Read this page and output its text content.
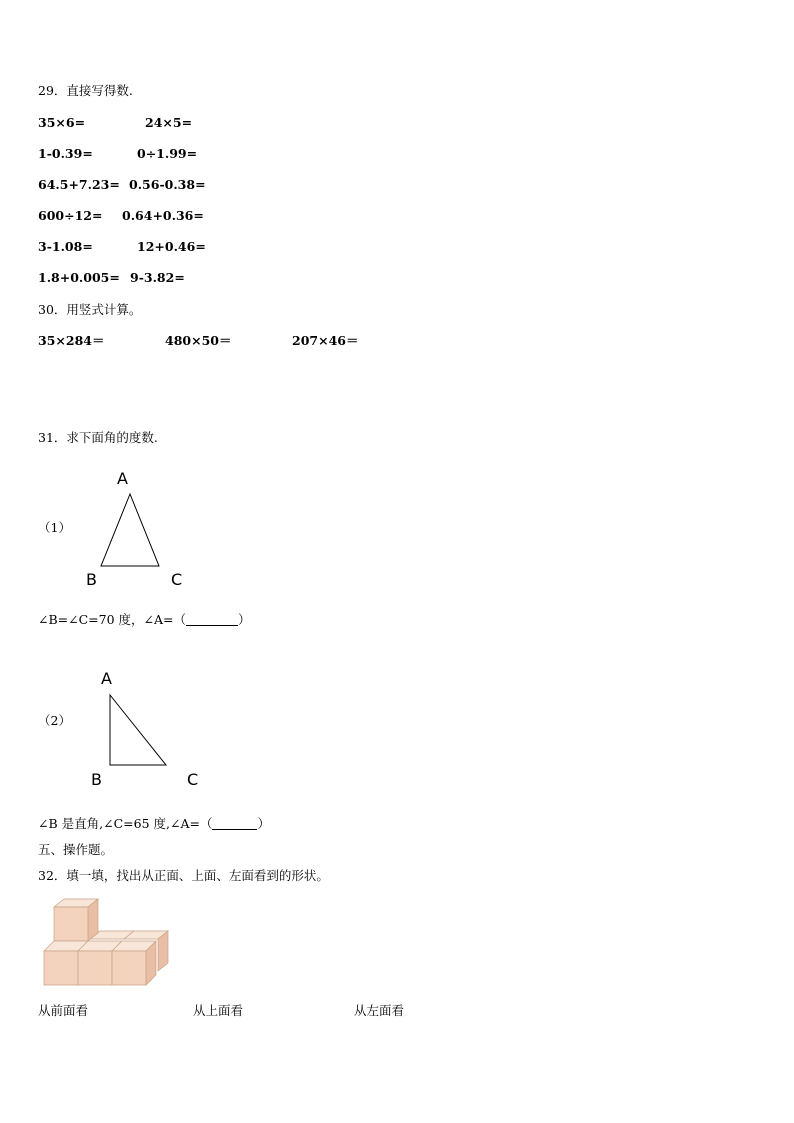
29．直接写得数.
35×6=	24×5=
1-0.39=	0÷1.99=
64.5+7.23= 0.56-0.38=
600÷12= 0.64+0.36=
3-1.08=	12+0.46=
1.8+0.005= 9-3.82=
30．用竖式计算。
35×284＝	480×50＝	207×46＝
31．求下面角的度数.
（1）
A
B	C
A
B	C
∠B=∠C=70 度，∠A=（	）
（2）
∠B 是直角,∠C=65 度,∠A=（	）
五、操作题。
32．填一填，找出从正面、上面、左面看到的形状。
从前面看	从上面看	从左面看
